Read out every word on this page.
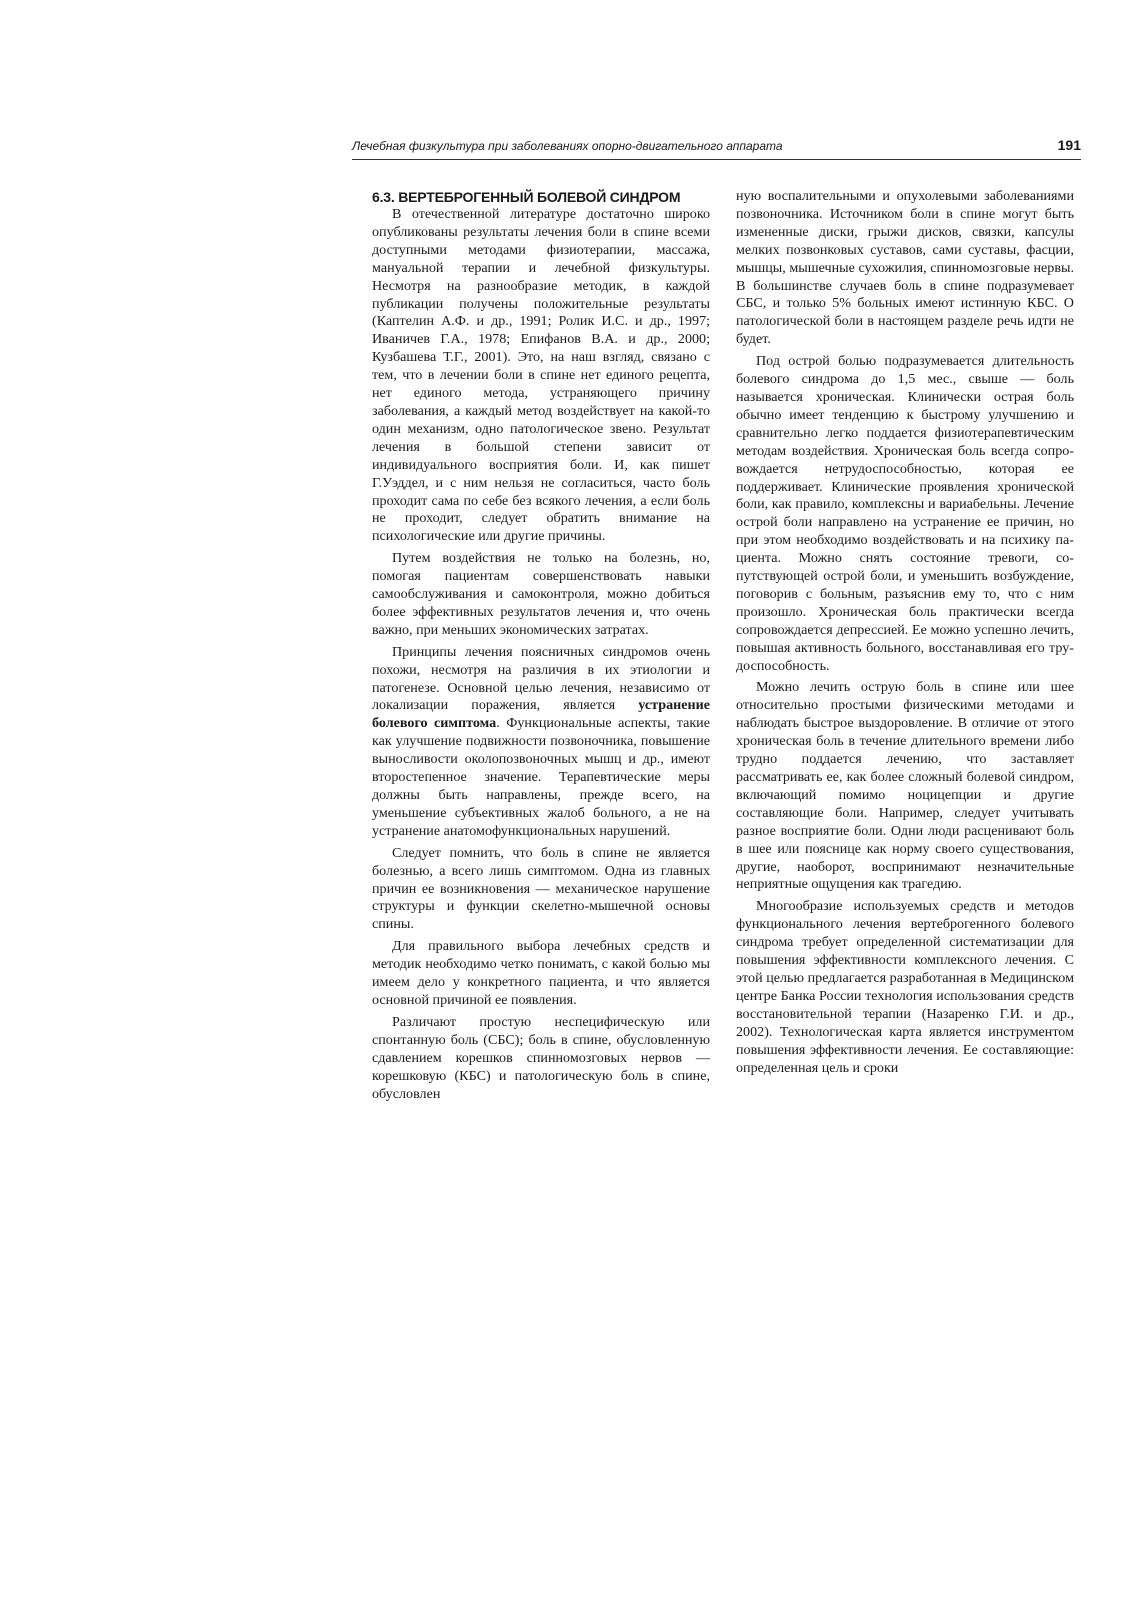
Лечебная физкультура при заболеваниях опорно-двигательного аппарата	191
6.3. ВЕРТЕБРОГЕННЫЙ БОЛЕВОЙ СИНДРОМ

В отечественной литературе достаточно широко опубликованы результаты лечения боли в спине всеми доступными методами физиотерапии, массажа, мануальной терапии и лечебной физкультуры. Несмотря на разнообразие методик, в каждой публикации получены положительные результаты (Каптелин А.Ф. и др., 1991; Ролик И.С. и др., 1997; Иваничев Г.А., 1978; Епифанов В.А. и др., 2000; Кузбашева Т.Г., 2001). Это, на наш взгляд, связано с тем, что в лечении боли в спине нет единого рецепта, нет единого метода, устраняющего причину заболевания, а каждый метод воздействует на какой-то один механизм, одно патологическое звено. Результат лечения в большой степени зависит от индивидуального восприятия боли. И, как пишет Г.Уэддел, и с ним нельзя не согласиться, часто боль проходит сама по себе без всякого лечения, а если боль не проходит, следует обратить внимание на психологические или другие причины.

Путем воздействия не только на болезнь, но, помогая пациентам совершенствовать навыки самообслуживания и самоконтроля, можно добиться более эффективных результатов лечения и, что очень важно, при меньших экономических затратах.

Принципы лечения поясничных синдромов очень похожи, несмотря на различия в их этиологии и патогенезе. Основной целью лечения, независимо от локализации поражения, является устранение болевого симптома. Функциональные аспекты, такие как улучшение подвижности позвоночника, повышение выносливости околопозвоночных мышц и др., имеют второстепенное значение. Терапевтические меры должны быть направлены, прежде всего, на уменьшение субъективных жалоб больного, а не на устранение анатомофункциональных нарушений.

Следует помнить, что боль в спине не является болезнью, а всего лишь симптомом. Одна из главных причин ее возникновения — механическое нарушение структуры и функции скелетно-мышечной основы спины.

Для правильного выбора лечебных средств и методик необходимо четко понимать, с какой болью мы имеем дело у конкретного пациента, и что является основной причиной ее появления.

Различают простую неспецифическую или спонтанную боль (СБС); боль в спине, обусловленную сдавлением корешков спинномозговых нервов — корешковую (КБС) и патологическую боль в спине, обусловлен

ную воспалительными и опухолевыми заболеваниями позвоночника. Источником боли в спине могут быть измененные диски, грыжи дисков, связки, капсулы мелких позвонковых суставов, сами суставы, фасции, мышцы, мышечные сухожилия, спинномозговые нервы. В большинстве случаев боль в спине подразумевает СБС, и только 5% больных имеют истинную КБС. О патологической боли в настоящем разделе речь идти не будет.

Под острой болью подразумевается длительность болевого синдрома до 1,5 мес., свыше — боль называется хроническая. Клинически острая боль обычно имеет тенденцию к быстрому улучшению и сравнительно легко поддается физиотерапевтическим методам воздействия. Хроническая боль всегда сопровождается нетрудоспособностью, которая ее поддерживает. Клинические проявления хронической боли, как правило, комплексны и вариабельны. Лечение острой боли направлено на устранение ее причин, но при этом необходимо воздействовать и на психику пациента. Можно снять состояние тревоги, сопутствующей острой боли, и уменьшить возбуждение, поговорив с больным, разъяснив ему то, что с ним произошло. Хроническая боль практически всегда сопровождается депрессией. Ее можно успешно лечить, повышая активность больного, восстанавливая его трудоспособность.

Можно лечить острую боль в спине или шее относительно простыми физическими методами и наблюдать быстрое выздоровление. В отличие от этого хроническая боль в течение длительного времени либо трудно поддается лечению, что заставляет рассматривать ее, как более сложный болевой синдром, включающий помимо ноцицепции и другие составляющие боли. Например, следует учитывать разное восприятие боли. Одни люди расценивают боль в шее или пояснице как норму своего существования, другие, наоборот, воспринимают незначительные неприятные ощущения как трагедию.

Многообразие используемых средств и методов функционального лечения вертеброгенного болевого синдрома требует определенной систематизации для повышения эффективности комплексного лечения. С этой целью предлагается разработанная в Медицинском центре Банка России технология использования средств восстановительной терапии (Назаренко Г.И. и др., 2002). Технологическая карта является инструментом повышения эффективности лечения. Ее составляющие: определенная цель и сроки
